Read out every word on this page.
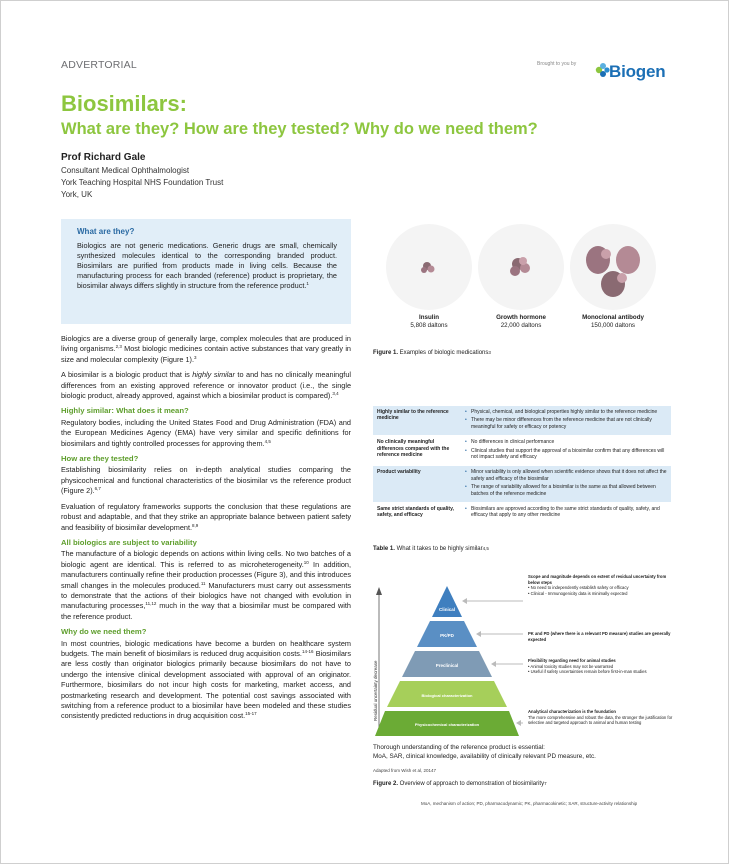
ADVERTORIAL	Brought to you by Biogen
Biosimilars:
What are they? How are they tested? Why do we need them?
Prof Richard Gale
Consultant Medical Ophthalmologist
York Teaching Hospital NHS Foundation Trust
York, UK
What are they?
Biologics are not generic medications. Generic drugs are small, chemically synthesized molecules identical to the corresponding branded product. Biosimilars are purified from products made in living cells. Because the manufacturing process for each branded (reference) product is proprietary, the biosimilar always differs slightly in structure from the reference product.$^1$

Biologics are a diverse group of generally large, complex molecules that are produced in living organisms.$^{2,3}$ Most biologic medicines contain active substances that vary greatly in size and molecular complexity (Figure 1).$^3$

A biosimilar is a biologic product that is highly similar to and has no clinically meaningful differences from an existing approved reference or innovator product (i.e., the single biologic product, already approved, against which a biosimilar product is compared).$^{3,4}$

Highly similar: What does it mean?

Regulatory bodies, including the United States Food and Drug Administration (FDA) and the European Medicines Agency (EMA) have very similar and specific definitions for biosimilars and tightly controlled processes for approving them.$^{4,5}$

How are they tested?

Establishing biosimilarity relies on in-depth analytical studies comparing the physicochemical and functional characteristics of the biosimilar vs the reference product (Figure 2).$^{6,7}$

Evaluation of regulatory frameworks supports the conclusion that these regulations are robust and adaptable, and that they strike an appropriate balance between patient safety and feasibility of biosimilar development.$^{8,9}$

All biologics are subject to variability

The manufacture of a biologic depends on actions within living cells. No two batches of a biologic agent are identical. This is referred to as microheterogeneity.$^{10}$ In addition, manufacturers continually refine their production processes (Figure 3), and this introduces small changes in the molecules produced.$^{11}$ Manufacturers must carry out assessments to demonstrate that the actions of their biologics have not changed with evolution in manufacturing processes,$^{11,12}$ much in the way that a biosimilar must be compared with the reference product.

Why do we need them?

In most countries, biologic medications have become a burden on healthcare system budgets. The main benefit of biosimilars is reduced drug acquisition costs.$^{14-16}$ Biosimilars are less costly than originator biologics primarily because biosimilars do not have to undergo the intensive clinical development associated with approval of an originator. Furthermore, biosimilars do not incur high costs for marketing, market access, and postmarketing research and development. The potential cost savings associated with switching from a reference product to a biosimilar have been modeled and these studies consistently predicted reductions in drug acquisition cost.$^{15-17}$

Insulin
5,808 daltons
Growth hormone
22,000 daltons
Monoclonal antibody
150,000 daltons
Figure 1. Examples of biologic medications$^3$
Highly similar to the reference medicine	• Physical, chemical, and biological properties highly similar to the reference medicine
• There may be minor differences from the reference medicine that are not clinically meaningful for safety or efficacy or potency

No clinically meaningful differences compared with the reference medicine	• No differences in clinical performance
• Clinical studies that support the approval of a biosimilar confirm that any differences will not impact safety and efficacy

Product variability	• Minor variability is only allowed when scientific evidence shows that it does not affect the safety and efficacy of the biosimilar
• The range of variability allowed for a biosimilar is the same as that allowed between batches of the reference medicine

Same strict standards of quality, safety, and efficacy	• Biosimilars are approved according to the same strict standards of quality, safety, and efficacy that apply to any other medicine
Table 1. What it takes to be highly similar$^{4,5}$
Residual uncertainty decrease
Clinical
PK/PD
Preclinical
Biological characterization
Physicochemical characterization
Scope and magnitude depends on extent of residual uncertainty from below steps
• No need to independently establish safety or efficacy
• Clinical - Immunogenicity data is minimally expected
PK and PD (where there is a relevant PD measure) studies are generally expected
Flexibility regarding need for animal studies
• Animal toxicity studies may not be warranted
• Useful if safety uncertainties remain before first-in-man studies
Analytical characterization is the foundation
The more comprehensive and robust the data, the stronger the justification for selective and targeted approach to animal and human testing
Thorough understanding of the reference product is essential:
MoA, SAR, clinical knowledge, availability of clinically relevant PD measure, etc.
Adapted from Wish et al, 2014$^7$
Figure 2. Overview of approach to demonstration of biosimilarity$^7$
MoA, mechanism of action; PD, pharmacodynamic; PK, pharmacokinetic; SAR, structure-activity relationship
